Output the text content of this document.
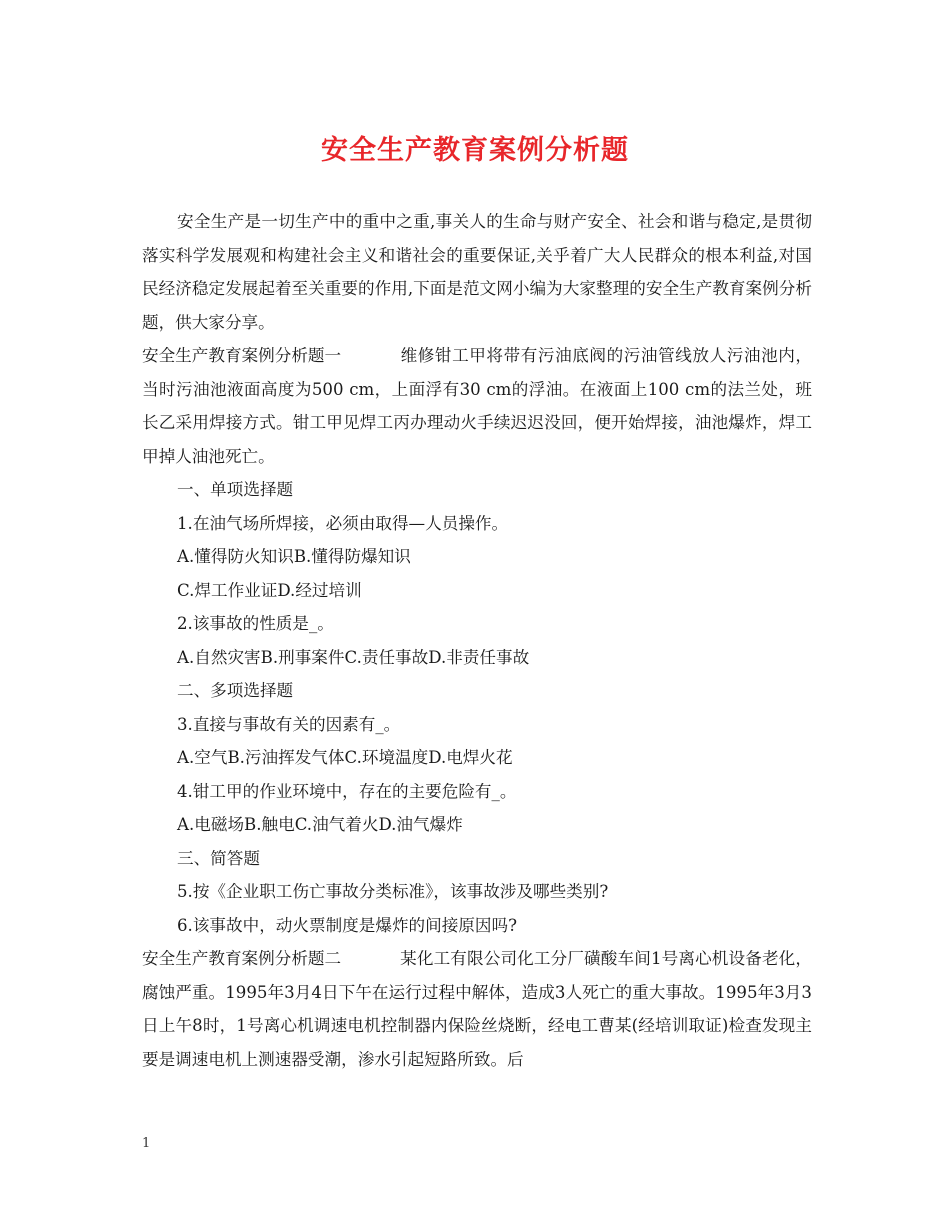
安全生产教育案例分析题

安全生产是一切生产中的重中之重,事关人的生命与财产安全、社会和谐与稳定,是贯彻落实科学发展观和构建社会主义和谐社会的重要保证,关乎着广大人民群众的根本利益,对国民经济稳定发展起着至关重要的作用,下面是范文网小编为大家整理的安全生产教育案例分析题，供大家分享。

安全生产教育案例分析题一	维修钳工甲将带有污油底阀的污油管线放人污油池内，当时污油池液面高度为500 cm，上面浮有30 cm的浮油。在液面上100 cm的法兰处，班长乙采用焊接方式。钳工甲见焊工丙办理动火手续迟迟没回，便开始焊接，油池爆炸，焊工甲掉人油池死亡。

一、单项选择题

1.在油气场所焊接，必须由取得—人员操作。

A.懂得防火知识B.懂得防爆知识

C.焊工作业证D.经过培训

2.该事故的性质是_。

A.自然灾害B.刑事案件C.责任事故D.非责任事故

二、多项选择题

3.直接与事故有关的因素有_。

A.空气B.污油挥发气体C.环境温度D.电焊火花

4.钳工甲的作业环境中，存在的主要危险有_。

A.电磁场B.触电C.油气着火D.油气爆炸

三、简答题

5.按《企业职工伤亡事故分类标准》，该事故涉及哪些类别?

6.该事故中，动火票制度是爆炸的间接原因吗?

安全生产教育案例分析题二	某化工有限公司化工分厂磺酸车间1号离心机设备老化，腐蚀严重。1995年3月4日下午在运行过程中解体，造成3人死亡的重大事故。1995年3月3日上午8时，1号离心机调速电机控制器内保险丝烧断，经电工曹某(经培训取证)检查发现主要是调速电机上测速器受潮，渗水引起短路所致。后

1
